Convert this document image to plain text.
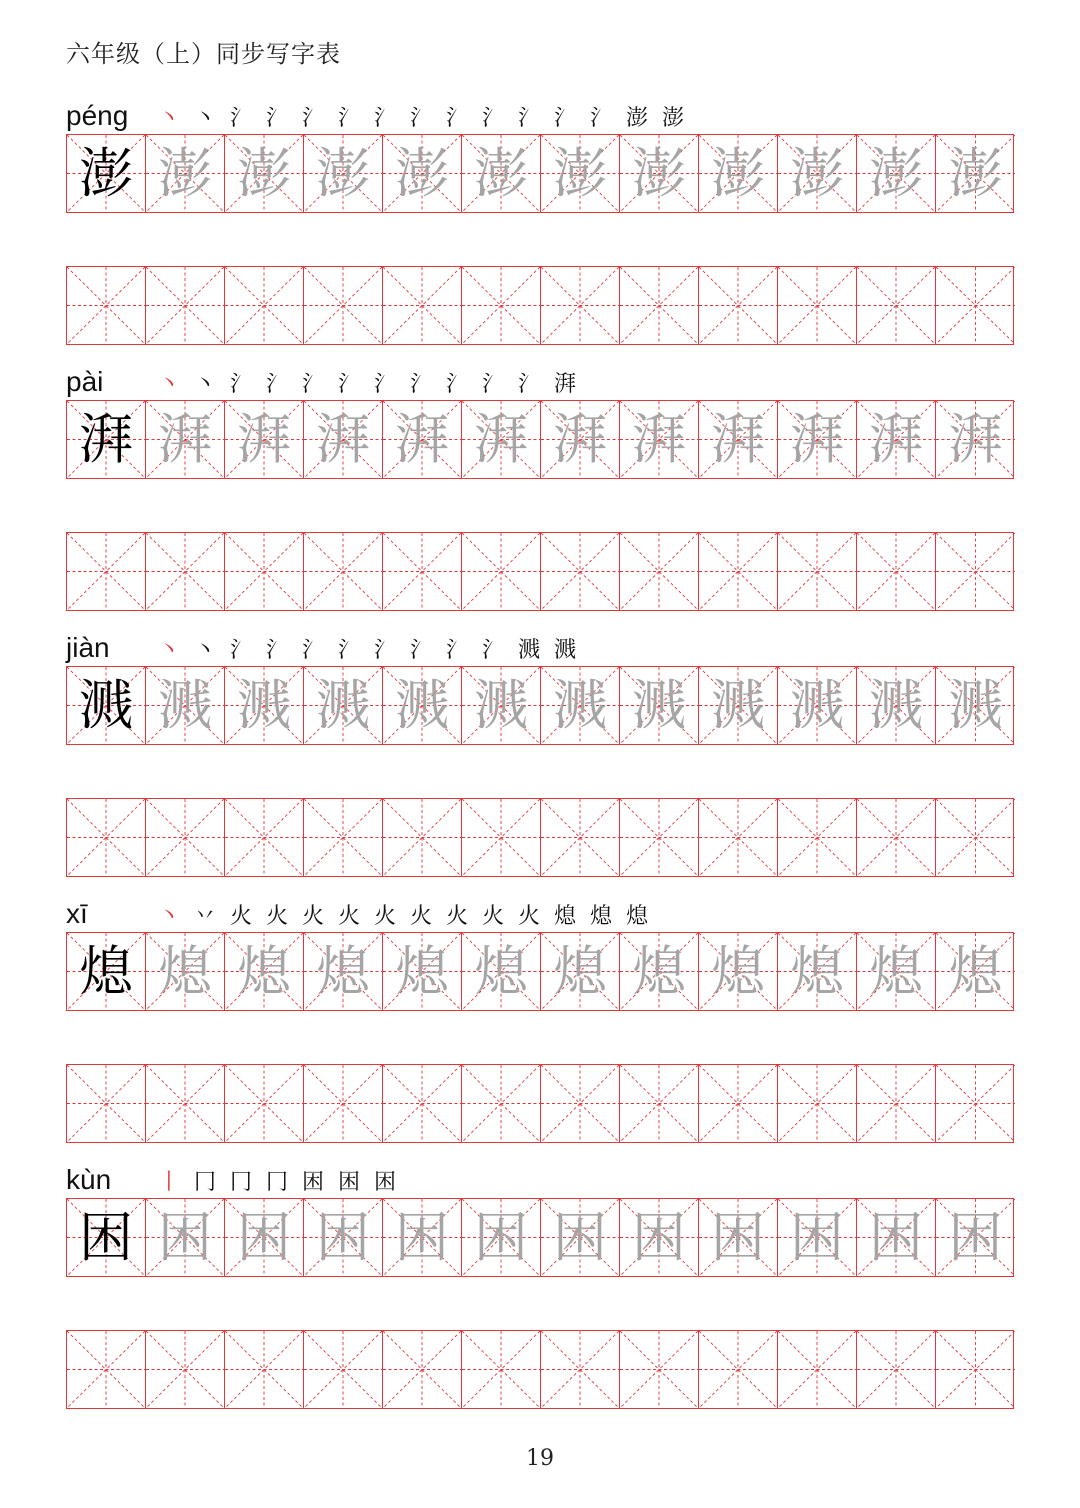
六年级（上）同步写字表
péng	丶 丶 氵 氵 氵 氵 氵 氵 氵 氵 氵 氵 氵 澎 澎
澎 澎 澎 澎 澎 澎 澎 澎 澎 澎 澎 澎
pài	丶 丶 氵 氵 氵 氵 氵 氵 氵 氵 氵 湃
湃 湃 湃 湃 湃 湃 湃 湃 湃 湃 湃 湃
jiàn	丶 丶 氵 氵 氵 氵 氵 氵 氵 氵 溅 溅
溅 溅 溅 溅 溅 溅 溅 溅 溅 溅 溅 溅
xī	丶 丷 火 火 火 火 火 火 火 火 火 熄 熄 熄
熄 熄 熄 熄 熄 熄 熄 熄 熄 熄 熄 熄
kùn	丨 冂 冂 冂 困 困 困
困 困 困 困 困 困 困 困 困 困 困 困
19
